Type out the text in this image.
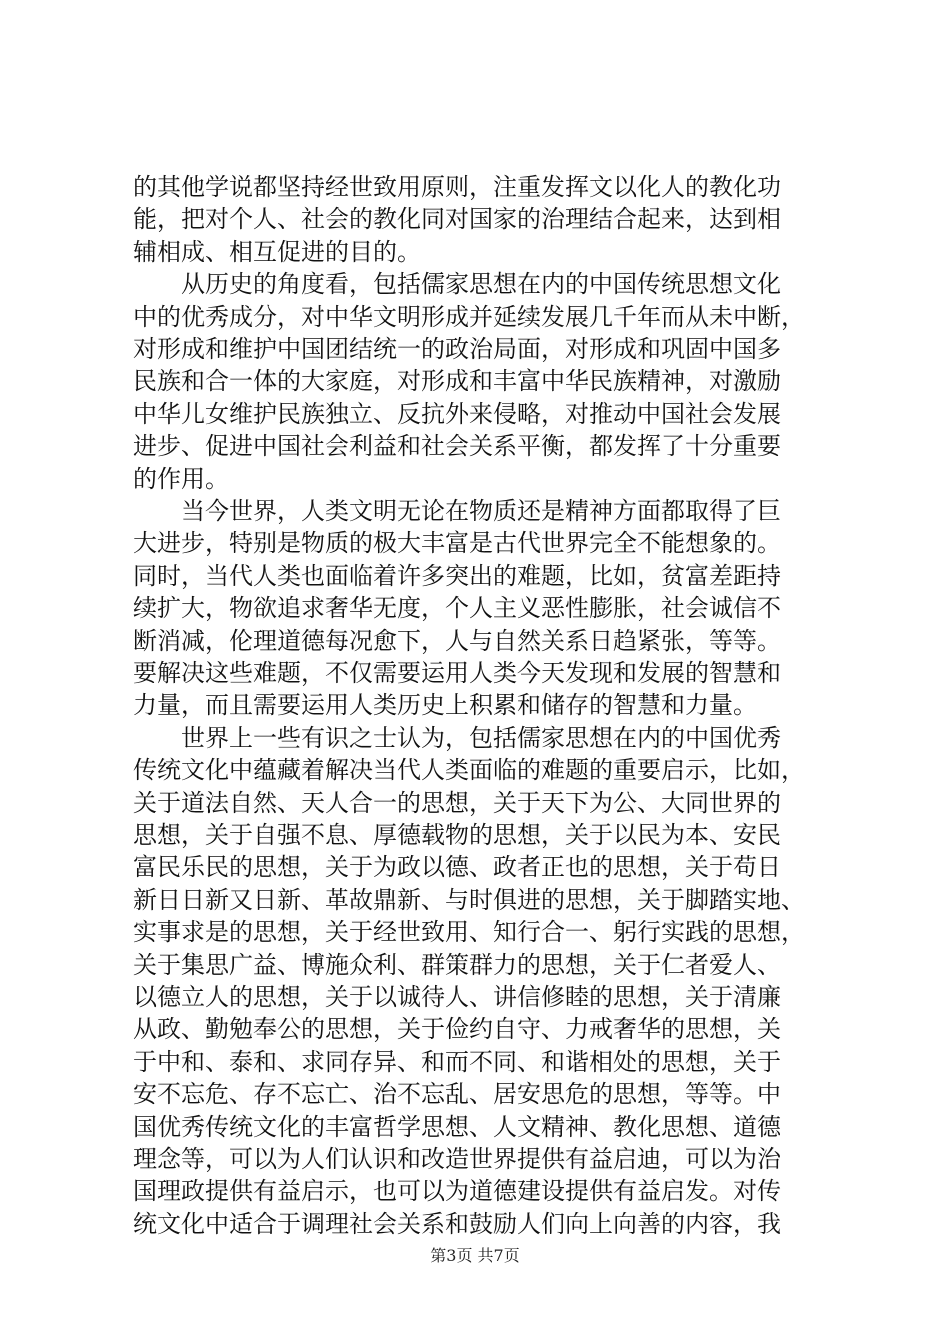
的其他学说都坚持经世致用原则，注重发挥文以化人的教化功

能，把对个人、社会的教化同对国家的治理结合起来，达到相

辅相成、相互促进的目的。

　　从历史的角度看，包括儒家思想在内的中国传统思想文化

中的优秀成分，对中华文明形成并延续发展几千年而从未中断，

对形成和维护中国团结统一的政治局面，对形成和巩固中国多

民族和合一体的大家庭，对形成和丰富中华民族精神，对激励

中华儿女维护民族独立、反抗外来侵略，对推动中国社会发展

进步、促进中国社会利益和社会关系平衡，都发挥了十分重要

的作用。

　　当今世界，人类文明无论在物质还是精神方面都取得了巨

大进步，特别是物质的极大丰富是古代世界完全不能想象的。

同时，当代人类也面临着许多突出的难题，比如，贫富差距持

续扩大，物欲追求奢华无度，个人主义恶性膨胀，社会诚信不

断消减，伦理道德每况愈下，人与自然关系日趋紧张，等等。

要解决这些难题，不仅需要运用人类今天发现和发展的智慧和

力量，而且需要运用人类历史上积累和储存的智慧和力量。

　　世界上一些有识之士认为，包括儒家思想在内的中国优秀

传统文化中蕴藏着解决当代人类面临的难题的重要启示，比如，

关于道法自然、天人合一的思想，关于天下为公、大同世界的

思想，关于自强不息、厚德载物的思想，关于以民为本、安民

富民乐民的思想，关于为政以德、政者正也的思想，关于苟日

新日日新又日新、革故鼎新、与时俱进的思想，关于脚踏实地、

实事求是的思想，关于经世致用、知行合一、躬行实践的思想，

关于集思广益、博施众利、群策群力的思想，关于仁者爱人、

以德立人的思想，关于以诚待人、讲信修睦的思想，关于清廉

从政、勤勉奉公的思想，关于俭约自守、力戒奢华的思想，关

于中和、泰和、求同存异、和而不同、和谐相处的思想，关于

安不忘危、存不忘亡、治不忘乱、居安思危的思想，等等。中

国优秀传统文化的丰富哲学思想、人文精神、教化思想、道德

理念等，可以为人们认识和改造世界提供有益启迪，可以为治

国理政提供有益启示，也可以为道德建设提供有益启发。对传

统文化中适合于调理社会关系和鼓励人们向上向善的内容，我

第3页 共7页
